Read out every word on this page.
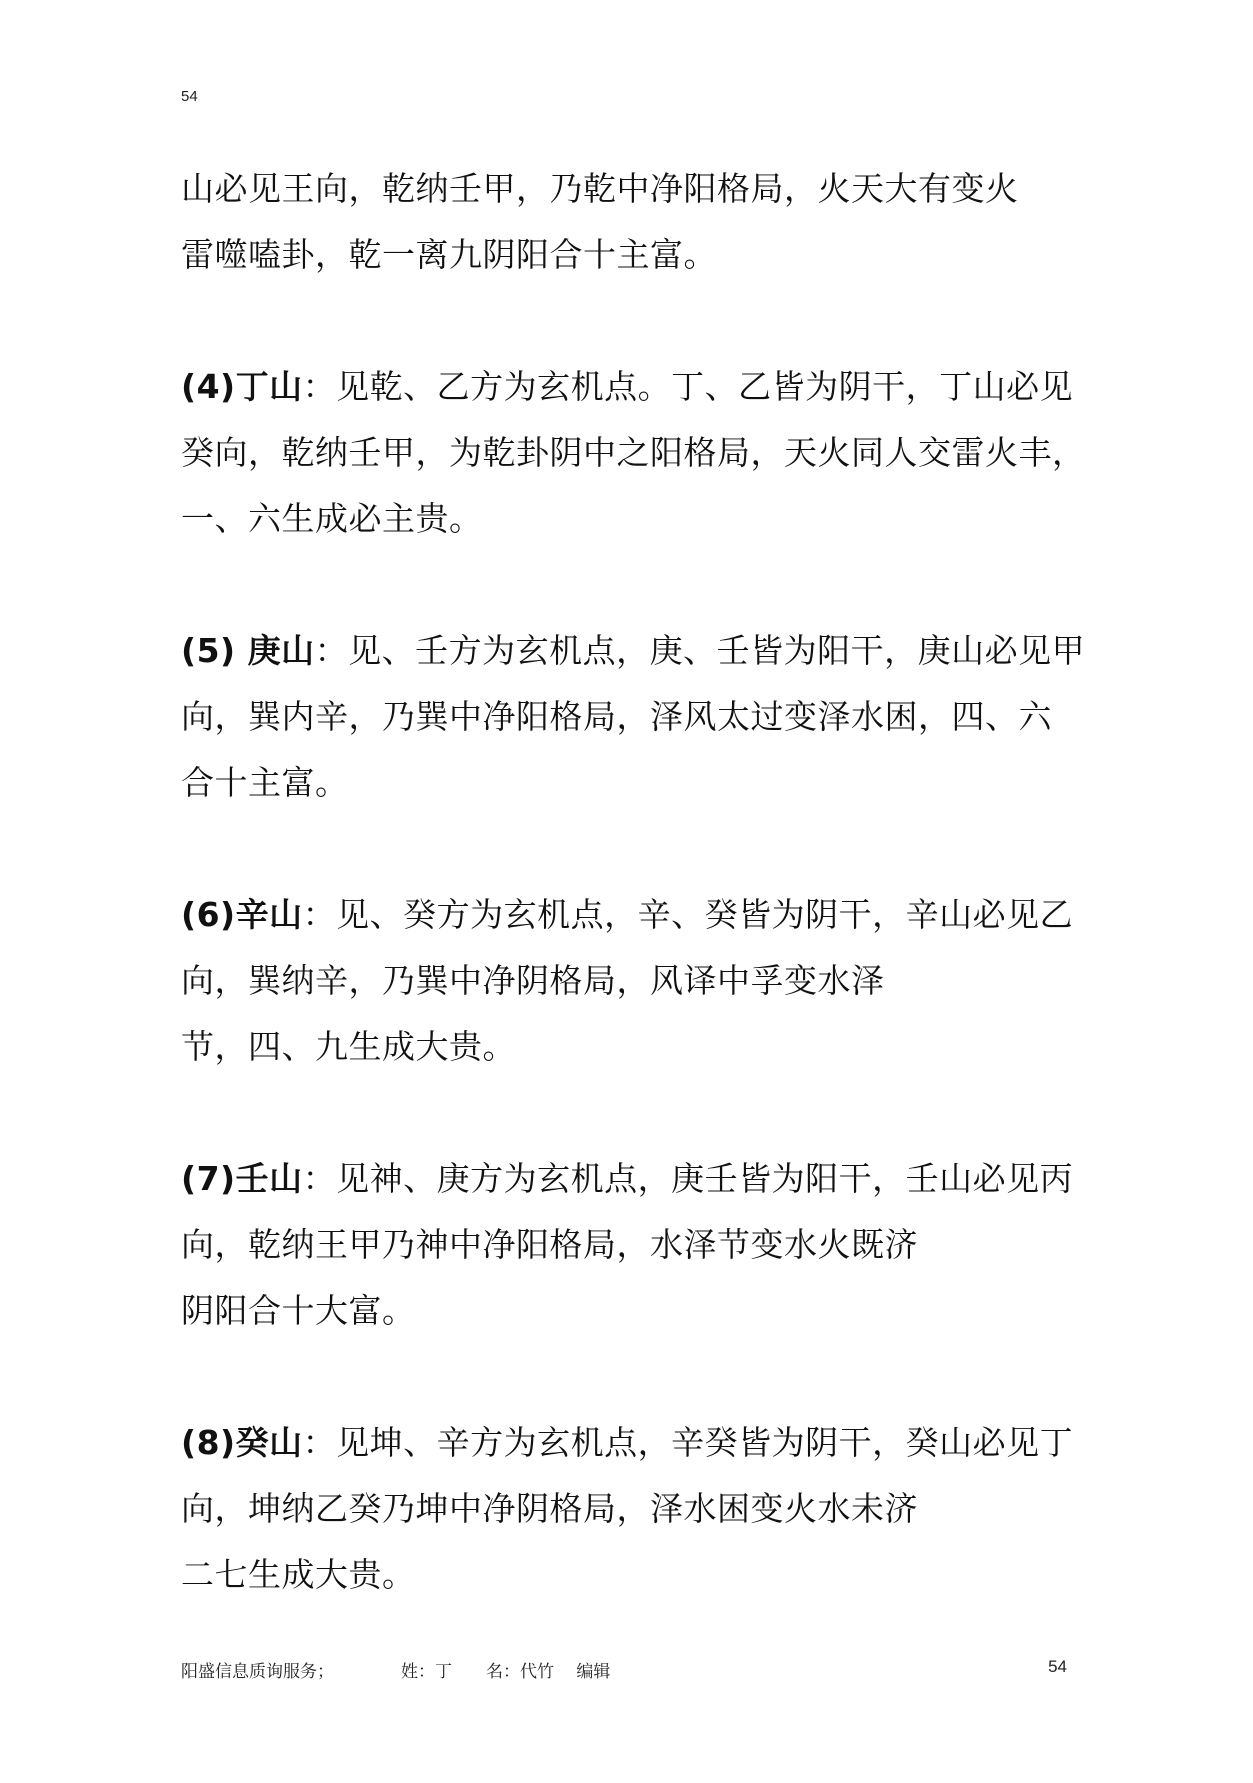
54
山必见王向，乾纳壬甲，乃乾中净阳格局，火天大有变火
雷噬嗑卦，乾一离九阴阳合十主富。
(4)丁山：见乾、乙方为玄机点。丁、乙皆为阴干，丁山必见
癸向，乾纳壬甲，为乾卦阴中之阳格局，天火同人交雷火丰，
一、六生成必主贵。
(5) 庚山：见、壬方为玄机点，庚、壬皆为阳干，庚山必见甲
向，巽内辛，乃巽中净阳格局，泽风太过变泽水困，四、六
合十主富。
(6)辛山：见、癸方为玄机点，辛、癸皆为阴干，辛山必见乙
向，巽纳辛，乃巽中净阴格局，风译中孚变水泽
节，四、九生成大贵。
(7)壬山：见神、庚方为玄机点，庚壬皆为阳干，壬山必见丙
向，乾纳王甲乃神中净阳格局，水泽节变水火既济
阴阳合十大富。
(8)癸山：见坤、辛方为玄机点，辛癸皆为阴干，癸山必见丁
向，坤纳乙癸乃坤中净阴格局，泽水困变火水未济
二七生成大贵。
阳盛信息质询服务；	姓：丁　　名：代竹　 编辑	54
